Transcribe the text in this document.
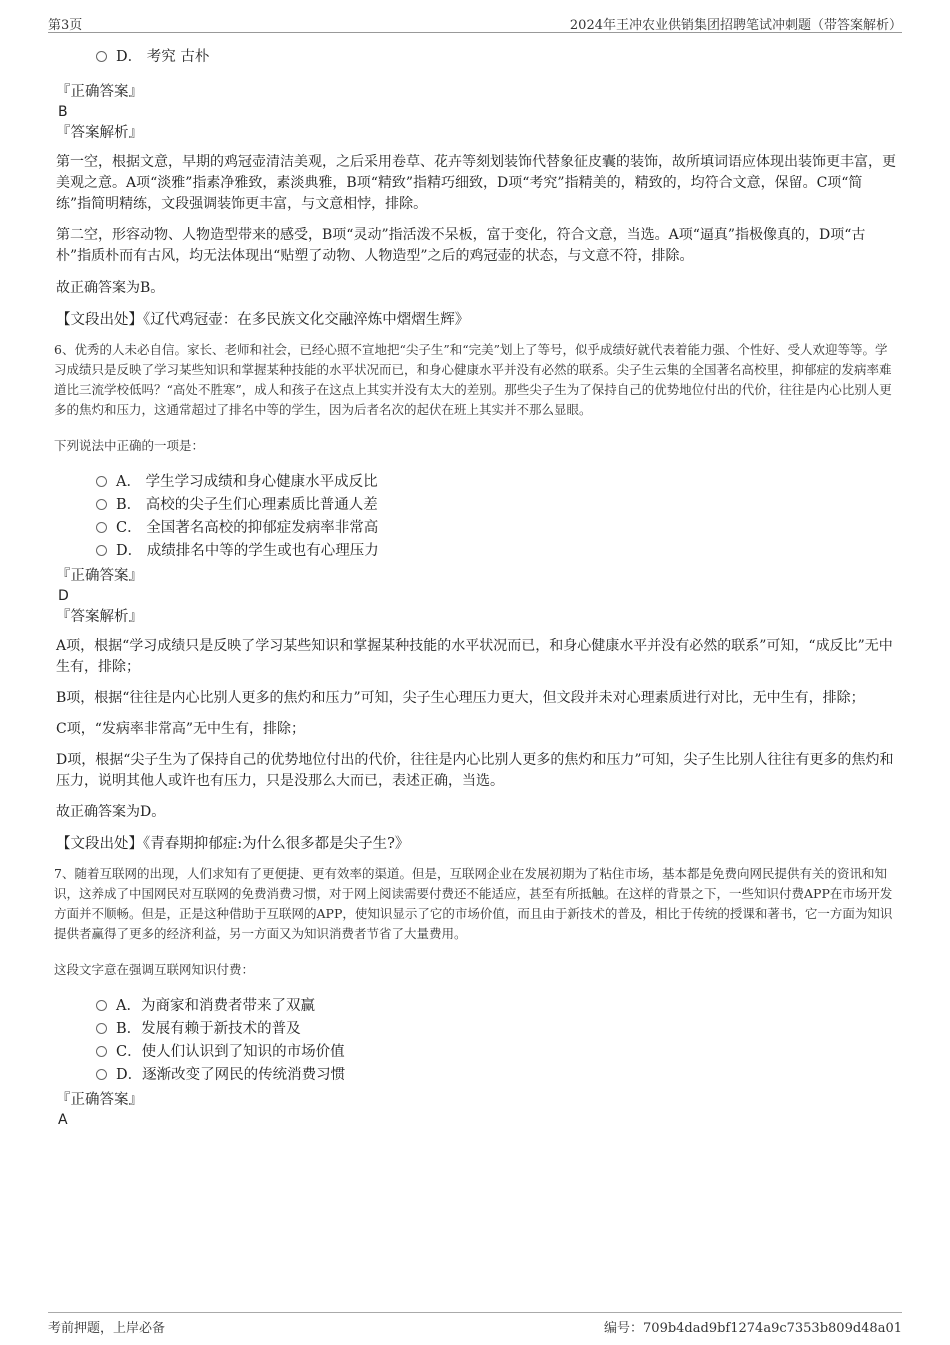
第3页	2024年王冲农业供销集团招聘笔试冲刺题（带答案解析）
D． 考究 古朴

『正确答案』

B

『答案解析』

第一空，根据文意，早期的鸡冠壶清洁美观，之后采用卷草、花卉等刻划装饰代替象征皮囊的装饰，故所填词语应体现出装饰更丰富，更美观之意。A项“淡雅”指素净雅致，素淡典雅，B项“精致”指精巧细致，D项“考究”指精美的，精致的，均符合文意，保留。C项“简练”指简明精练，文段强调装饰更丰富，与文意相悖，排除。

第二空，形容动物、人物造型带来的感受，B项“灵动”指活泼不呆板，富于变化，符合文意，当选。A项“逼真”指极像真的，D项“古朴”指质朴而有古风，均无法体现出“贴塑了动物、人物造型”之后的鸡冠壶的状态，与文意不符，排除。

故正确答案为B。

【文段出处】《辽代鸡冠壶：在多民族文化交融淬炼中熠熠生辉》

6、优秀的人未必自信。家长、老师和社会，已经心照不宣地把“尖子生”和“完美”划上了等号，似乎成绩好就代表着能力强、个性好、受人欢迎等等。学习成绩只是反映了学习某些知识和掌握某种技能的水平状况而已，和身心健康水平并没有必然的联系。尖子生云集的全国著名高校里，抑郁症的发病率难道比三流学校低吗？“高处不胜寒”，成人和孩子在这点上其实并没有太大的差别。那些尖子生为了保持自己的优势地位付出的代价，往往是内心比别人更多的焦灼和压力，这通常超过了排名中等的学生，因为后者名次的起伏在班上其实并不那么显眼。

下列说法中正确的一项是：

A． 学生学习成绩和身心健康水平成反比
B． 高校的尖子生们心理素质比普通人差
C． 全国著名高校的抑郁症发病率非常高
D． 成绩排名中等的学生或也有心理压力

『正确答案』

D

『答案解析』

A项，根据“学习成绩只是反映了学习某些知识和掌握某种技能的水平状况而已，和身心健康水平并没有必然的联系”可知，“成反比”无中生有，排除；

B项，根据“往往是内心比别人更多的焦灼和压力”可知，尖子生心理压力更大，但文段并未对心理素质进行对比，无中生有，排除；

C项，“发病率非常高”无中生有，排除；

D项，根据“尖子生为了保持自己的优势地位付出的代价，往往是内心比别人更多的焦灼和压力”可知，尖子生比别人往往有更多的焦灼和压力，说明其他人或许也有压力，只是没那么大而已，表述正确，当选。

故正确答案为D。

【文段出处】《青春期抑郁症:为什么很多都是尖子生?》

7、随着互联网的出现，人们求知有了更便捷、更有效率的渠道。但是，互联网企业在发展初期为了粘住市场，基本都是免费向网民提供有关的资讯和知识，这养成了中国网民对互联网的免费消费习惯，对于网上阅读需要付费还不能适应，甚至有所抵触。在这样的背景之下，一些知识付费APP在市场开发方面并不顺畅。但是，正是这种借助于互联网的APP，使知识显示了它的市场价值，而且由于新技术的普及，相比于传统的授课和著书，它一方面为知识提供者赢得了更多的经济利益，另一方面又为知识消费者节省了大量费用。

这段文字意在强调互联网知识付费：

A．为商家和消费者带来了双赢
B．发展有赖于新技术的普及
C．使人们认识到了知识的市场价值
D．逐渐改变了网民的传统消费习惯

『正确答案』

A

考前押题，上岸必备	编号：709b4dad9bf1274a9c7353b809d48a01
